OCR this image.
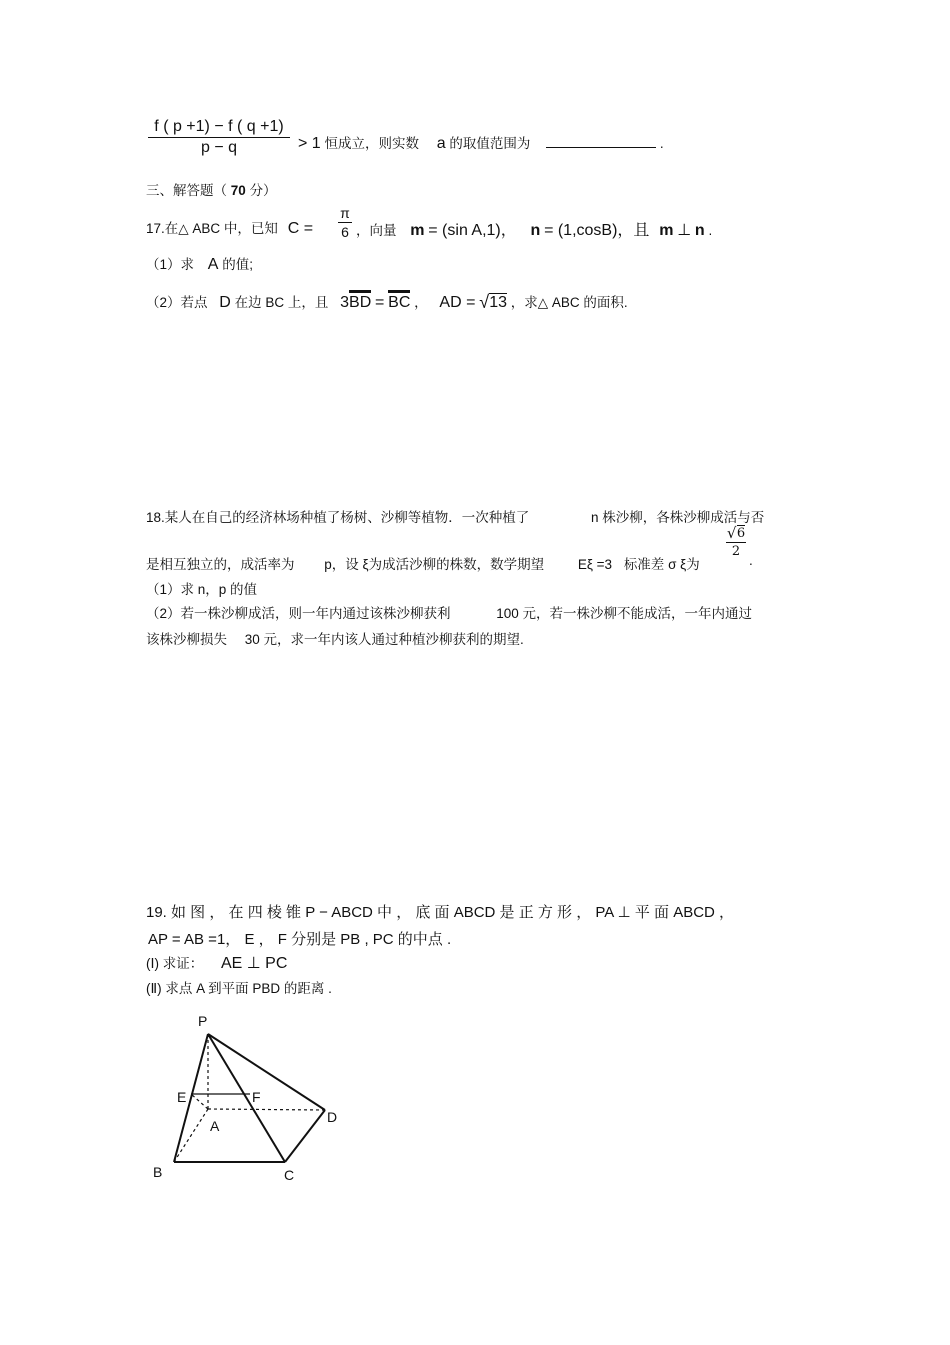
f ( p +1) − f ( q +1)
p − q	> 1 恒成立，则实数 a 的取值范围为	.
三、解答题（ 70 分）
17.在△ ABC 中，已知 C =
π
6 ，向量 m = (sin A,1)， n = (1,cosB)，且 m ⊥ n .
（1）求 A 的值;
（2）若点 D 在边 BC 上，且 3BD = BC ， AD = √ 13 ，求△ ABC 的面积.
18.某人在自己的经济林场种植了杨树、沙柳等植物．一次种植了	n 株沙柳，各株沙柳成活与否
是相互独立的，成活率为 p，设 ξ为成活沙柳的株数，数学期望	Eξ =3 标准差 σ ξ为
√ 6
2
.
（1）求 n，p 的值
（2）若一株沙柳成活，则一年内通过该株沙柳获利	100 元，若一株沙柳不能成活，一年内通过
该株沙柳损失 30 元，求一年内该人通过种植沙柳获利的期望.
19. 如 图 ， 在 四 棱 锥 P − ABCD 中 ， 底 面 ABCD 是 正 方 形 ， PA ⊥ 平 面 ABCD ，
AP = AB =1， E ， F 分别是 PB , PC 的中点 .
(Ⅰ) 求证： AE ⊥ PC
(Ⅱ) 求点 A 到平面 PBD 的距离 .
P
E	F
A
D
B	C
